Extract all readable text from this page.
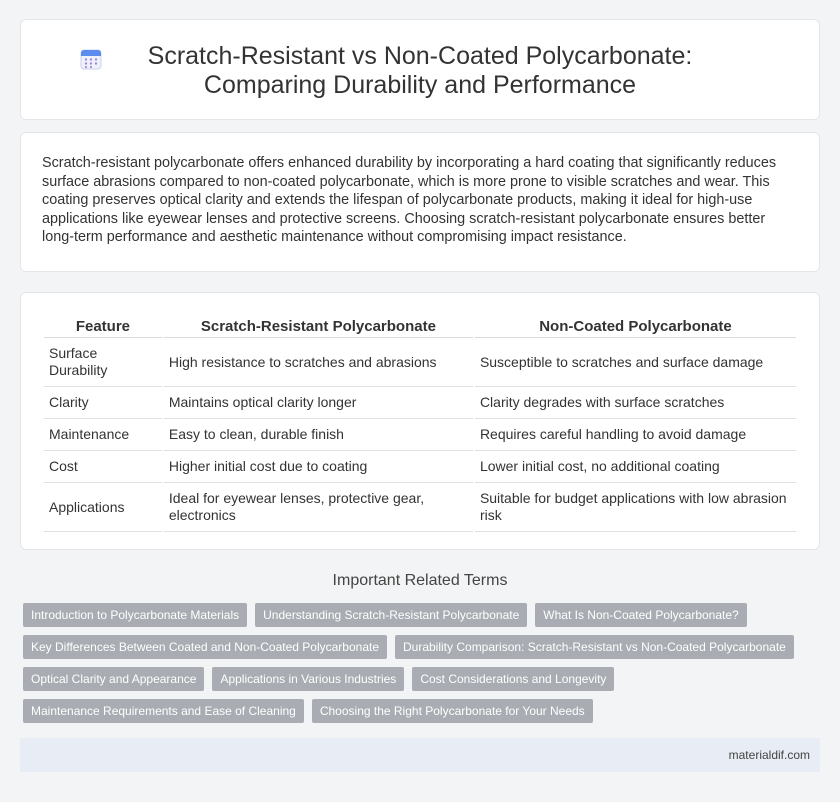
Scratch-Resistant vs Non-Coated Polycarbonate: Comparing Durability and Performance

Scratch-resistant polycarbonate offers enhanced durability by incorporating a hard coating that significantly reduces surface abrasions compared to non-coated polycarbonate, which is more prone to visible scratches and wear. This coating preserves optical clarity and extends the lifespan of polycarbonate products, making it ideal for high-use applications like eyewear lenses and protective screens. Choosing scratch-resistant polycarbonate ensures better long-term performance and aesthetic maintenance without compromising impact resistance.

Feature	Scratch-Resistant Polycarbonate	Non-Coated Polycarbonate
Surface Durability	High resistance to scratches and abrasions	Susceptible to scratches and surface damage
Clarity	Maintains optical clarity longer	Clarity degrades with surface scratches
Maintenance	Easy to clean, durable finish	Requires careful handling to avoid damage
Cost	Higher initial cost due to coating	Lower initial cost, no additional coating
Applications	Ideal for eyewear lenses, protective gear, electronics	Suitable for budget applications with low abrasion risk
Important Related Terms
Introduction to Polycarbonate Materials	Understanding Scratch-Resistant Polycarbonate	What Is Non-Coated Polycarbonate?
Key Differences Between Coated and Non-Coated Polycarbonate	Durability Comparison: Scratch-Resistant vs Non-Coated Polycarbonate
Optical Clarity and Appearance	Applications in Various Industries	Cost Considerations and Longevity
Maintenance Requirements and Ease of Cleaning	Choosing the Right Polycarbonate for Your Needs
materialdif.com
